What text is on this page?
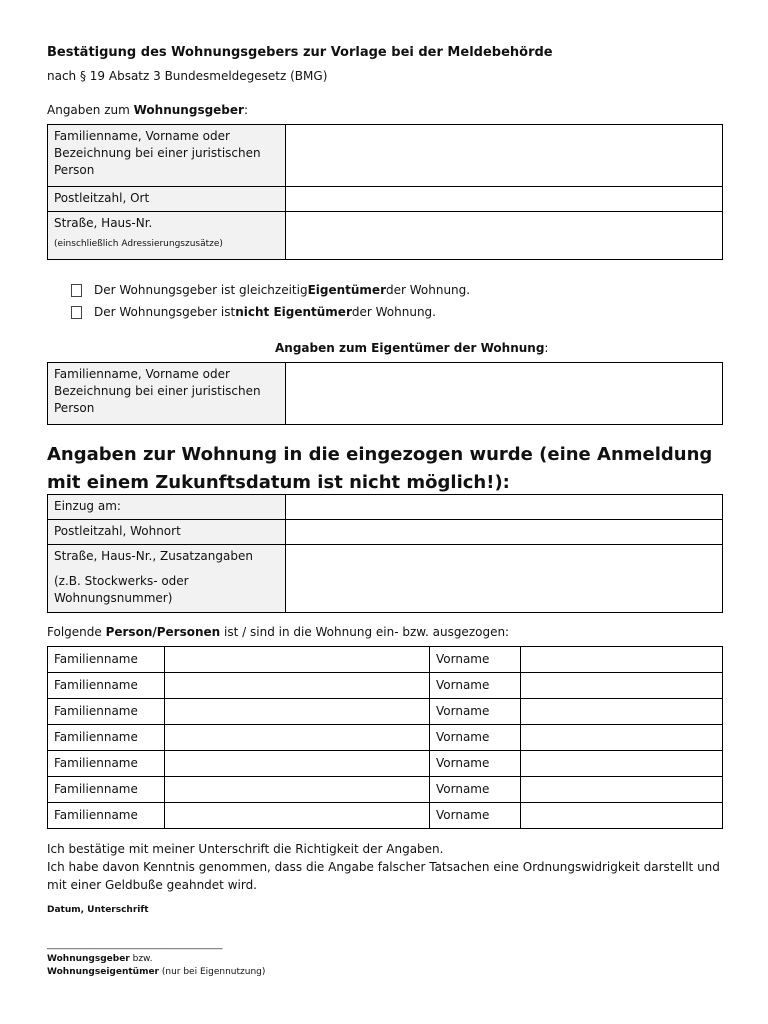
Bestätigung des Wohnungsgebers zur Vorlage bei der Meldebehörde
nach § 19 Absatz 3 Bundesmeldegesetz (BMG)
Angaben zum Wohnungsgeber:
Familienname, Vorname oder Bezeichnung bei einer juristischen Person	
Postleitzahl, Ort	

Straße, Haus-Nr.
(einschließlich Adressierungszusätze)	

Der Wohnungsgeber ist gleichzeitig Eigentümer der Wohnung.
Der Wohnungsgeber ist nicht Eigentümer der Wohnung.
Angaben zum Eigentümer der Wohnung:
Familienname, Vorname oder Bezeichnung bei einer juristischen Person	
Angaben zur Wohnung in die eingezogen wurde (eine Anmeldung mit einem Zukunftsdatum ist nicht möglich!):
Einzug am:	
Postleitzahl, Wohnort	

Straße, Haus-Nr., Zusatzangaben
(z.B. Stockwerks- oder Wohnungsnummer)	

Folgende Person/Personen ist / sind in die Wohnung ein- bzw. ausgezogen:
Familienname		Vorname	
Familienname		Vorname	
Familienname		Vorname	
Familienname		Vorname	
Familienname		Vorname	
Familienname		Vorname	
Familienname		Vorname	
Ich bestätige mit meiner Unterschrift die Richtigkeit der Angaben.
Ich habe davon Kenntnis genommen, dass die Angabe falscher Tatsachen eine Ordnungswidrigkeit darstellt und mit einer Geldbuße geahndet wird.
Datum, Unterschrift
_______________________________________
Wohnungsgeber bzw.
Wohnungseigentümer (nur bei Eigennutzung)
